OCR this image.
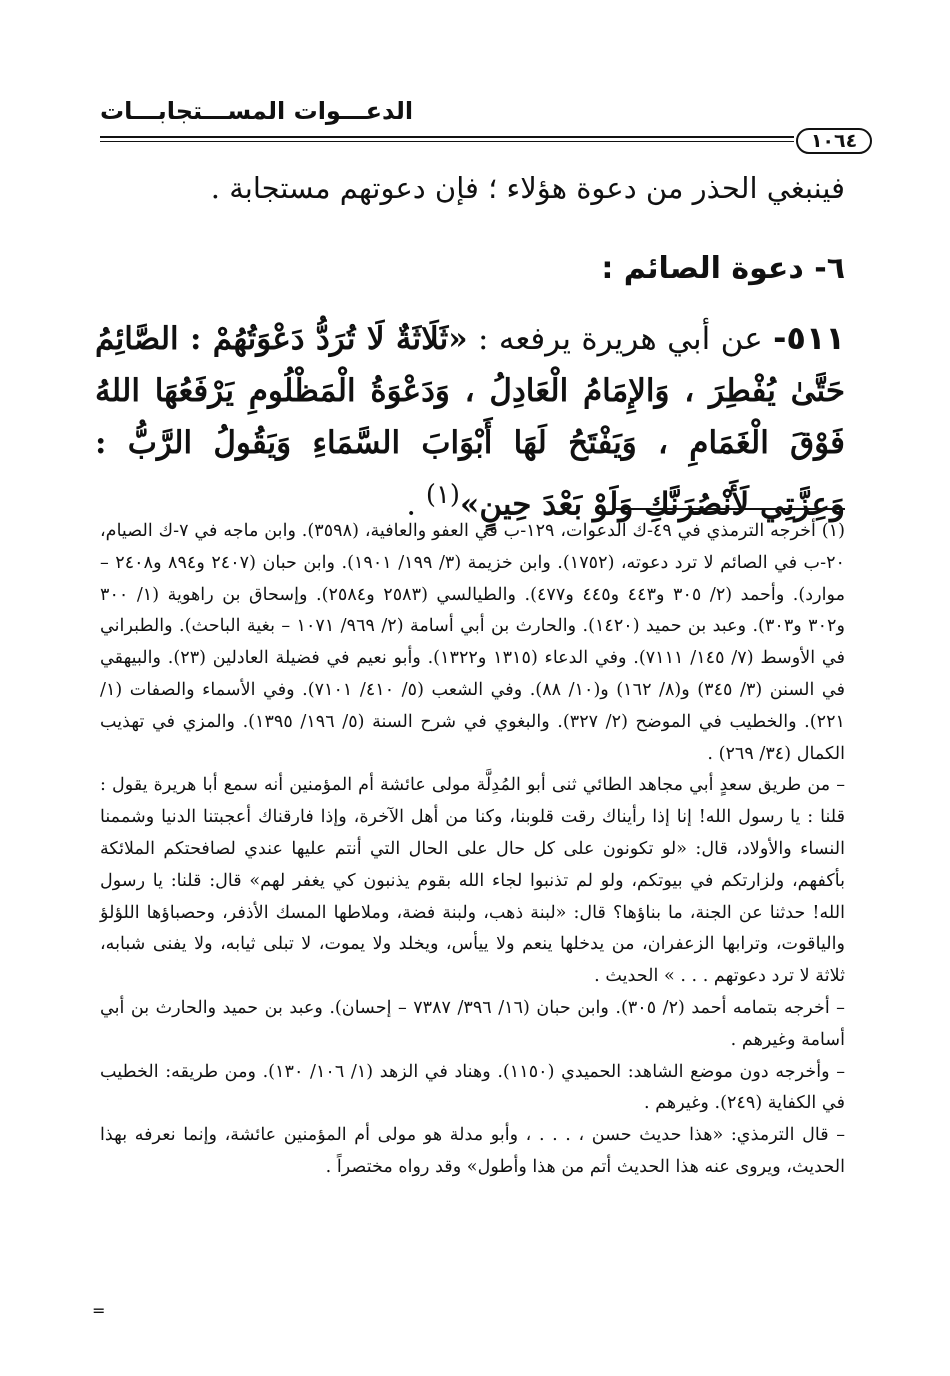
الدعـــوات المســـتجابـــات
١٠٦٤
فينبغي الحذر من دعوة هؤلاء ؛ فإن دعوتهم مستجابة .
٦- دعوة الصائم :
٥١١- عن أبي هريرة يرفعه : «ثَلَاثَةٌ لَا تُرَدُّ دَعْوَتُهُمْ : الصَّائِمُ حَتَّىٰ يُفْطِرَ ، وَالإِمَامُ الْعَادِلُ ، وَدَعْوَةُ الْمَظْلُومِ يَرْفَعُهَا اللهُ فَوْقَ الْغَمَامِ ، وَيَفْتَحُ لَهَا أَبْوَابَ السَّمَاءِ وَيَقُولُ الرَّبُّ : وَعِزَّتِي لَأَنْصُرَنَّكِ وَلَوْ بَعْدَ حِينٍ»$^{(١)}$ .

(١) أخرجه الترمذي في ٤٩-ك الدعوات، ١٢٩-ب في العفو والعافية، (٣٥٩٨). وابن ماجه في ٧-ك الصيام، ٢٠-ب في الصائم لا ترد دعوته، (١٧٥٢). وابن خزيمة (٣/ ١٩٩/ ١٩٠١). وابن حبان (٢٤٠٧ و٨٩٤ و٢٤٠٨ – موارد). وأحمد (٢/ ٣٠٥ و٤٤٣ و٤٤٥ و٤٧٧). والطيالسي (٢٥٨٣ و٢٥٨٤). وإسحاق بن راهوية (١/ ٣٠٠ و٣٠٢ و٣٠٣). وعبد بن حميد (١٤٢٠). والحارث بن أبي أسامة (٢/ ٩٦٩/ ١٠٧١ – بغية الباحث). والطبراني في الأوسط (٧/ ١٤٥/ ٧١١١). وفي الدعاء (١٣١٥ و١٣٢٢). وأبو نعيم في فضيلة العادلين (٢٣). والبيهقي في السنن (٣/ ٣٤٥) و(٨/ ١٦٢) و(١٠/ ٨٨). وفي الشعب (٥/ ٤١٠/ ٧١٠١). وفي الأسماء والصفات (١/ ٢٢١). والخطيب في الموضح (٢/ ٣٢٧). والبغوي في شرح السنة (٥/ ١٩٦/ ١٣٩٥). والمزي في تهذيب الكمال (٣٤/ ٢٦٩) .

– من طريق سعدٍ أبي مجاهد الطائي ثنى أبو المُدِلَّة مولى عائشة أم المؤمنين أنه سمع أبا هريرة يقول : قلنا : يا رسول الله! إنا إذا رأيناك رقت قلوبنا، وكنا من أهل الآخرة، وإذا فارقناك أعجبتنا الدنيا وشممنا النساء والأولاد، قال: «لو تكونون على كل حال على الحال التي أنتم عليها عندي لصافحتكم الملائكة بأكفهم، ولزارتكم في بيوتكم، ولو لم تذنبوا لجاء الله بقوم يذنبون كي يغفر لهم» قال: قلنا: يا رسول الله! حدثنا عن الجنة، ما بناؤها؟ قال: «لبنة ذهب، ولبنة فضة، وملاطها المسك الأذفر، وحصباؤها اللؤلؤ والياقوت، وترابها الزعفران، من يدخلها ينعم ولا ييأس، ويخلد ولا يموت، لا تبلى ثيابه، ولا يفنى شبابه، ثلاثة لا ترد دعوتهم . . . » الحديث .

– أخرجه بتمامه أحمد (٢/ ٣٠٥). وابن حبان (١٦/ ٣٩٦/ ٧٣٨٧ – إحسان). وعبد بن حميد والحارث بن أبي أسامة وغيرهم .

– وأخرجه دون موضع الشاهد: الحميدي (١١٥٠). وهناد في الزهد (١/ ١٠٦/ ١٣٠). ومن طريقه: الخطيب في الكفاية (٢٤٩). وغيرهم .

– قال الترمذي: «هذا حديث حسن ، . . . ، وأبو مدلة هو مولى أم المؤمنين عائشة، وإنما نعرفه بهذا الحديث، ويروى عنه هذا الحديث أتم من هذا وأطول» وقد رواه مختصراً .

=
